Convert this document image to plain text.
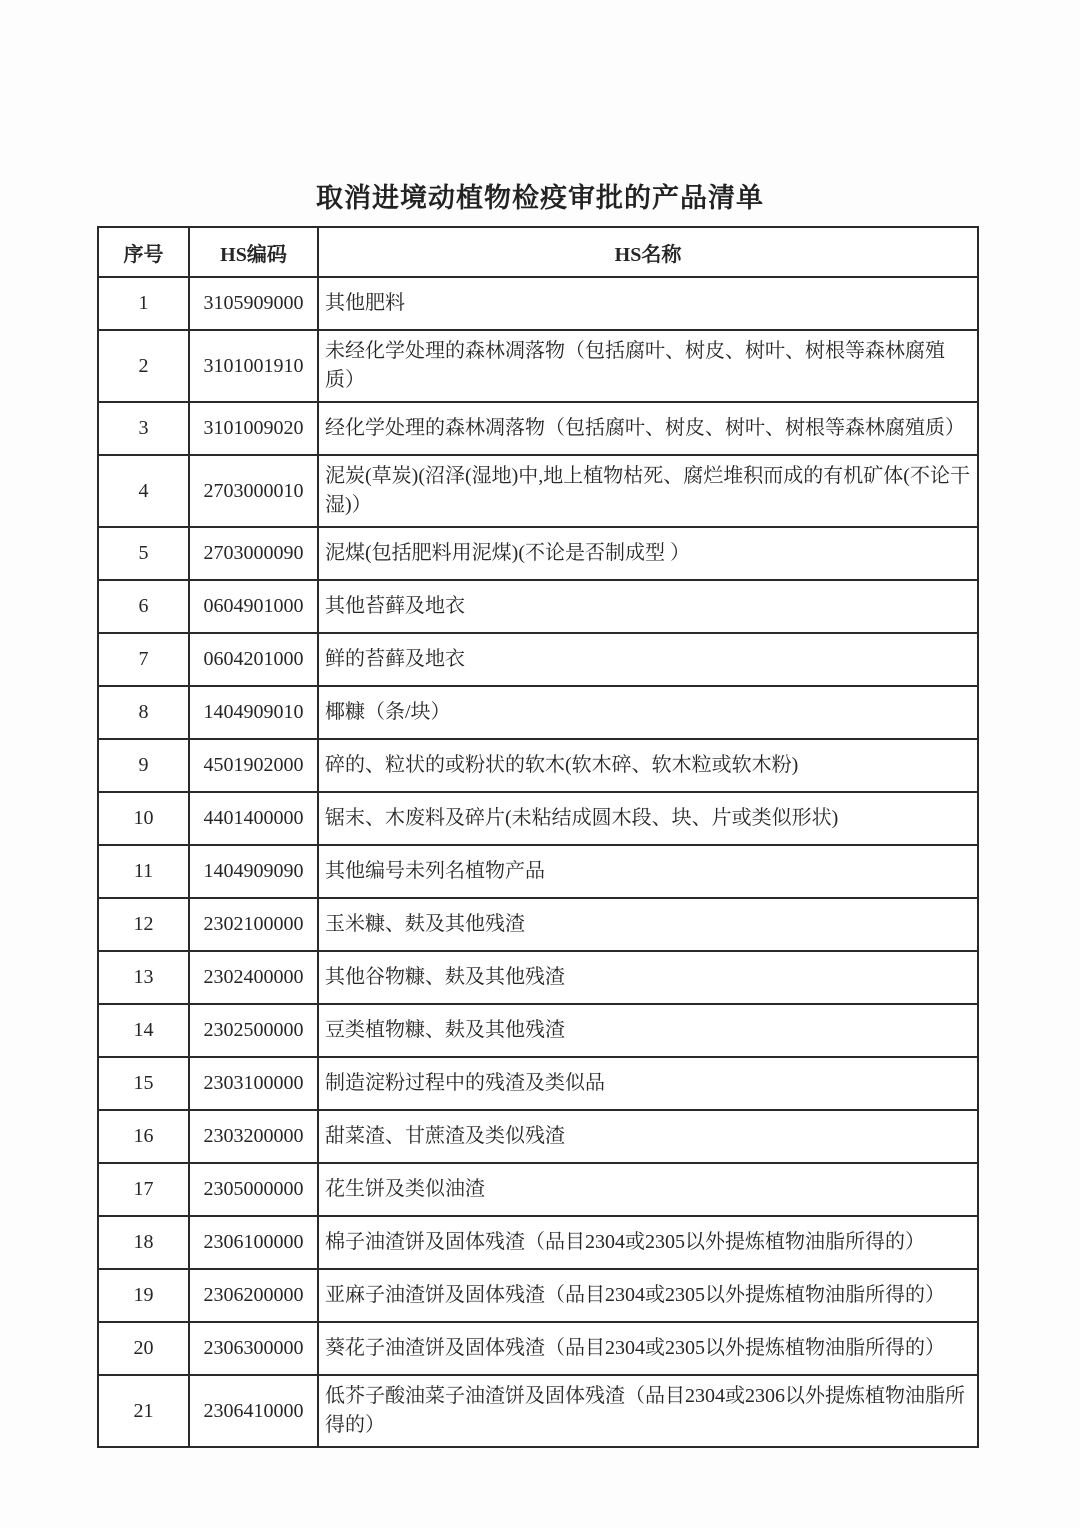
取消进境动植物检疫审批的产品清单
序号	HS编码	HS名称
1	3105909000	其他肥料
2	3101001910	未经化学处理的森林凋落物（包括腐叶、树皮、树叶、树根等森林腐殖质）
3	3101009020	经化学处理的森林凋落物（包括腐叶、树皮、树叶、树根等森林腐殖质）
4	2703000010	泥炭(草炭)(沼泽(湿地)中,地上植物枯死、腐烂堆积而成的有机矿体(不论干湿)）
5	2703000090	泥煤(包括肥料用泥煤)(不论是否制成型 ）
6	0604901000	其他苔藓及地衣
7	0604201000	鲜的苔藓及地衣
8	1404909010	椰糠（条/块）
9	4501902000	碎的、粒状的或粉状的软木(软木碎、软木粒或软木粉)
10	4401400000	锯末、木废料及碎片(未粘结成圆木段、块、片或类似形状)
11	1404909090	其他编号未列名植物产品
12	2302100000	玉米糠、麸及其他残渣
13	2302400000	其他谷物糠、麸及其他残渣
14	2302500000	豆类植物糠、麸及其他残渣
15	2303100000	制造淀粉过程中的残渣及类似品
16	2303200000	甜菜渣、甘蔗渣及类似残渣
17	2305000000	花生饼及类似油渣
18	2306100000	棉子油渣饼及固体残渣（品目2304或2305以外提炼植物油脂所得的）
19	2306200000	亚麻子油渣饼及固体残渣（品目2304或2305以外提炼植物油脂所得的）
20	2306300000	葵花子油渣饼及固体残渣（品目2304或2305以外提炼植物油脂所得的）
21	2306410000	低芥子酸油菜子油渣饼及固体残渣（品目2304或2306以外提炼植物油脂所得的）
